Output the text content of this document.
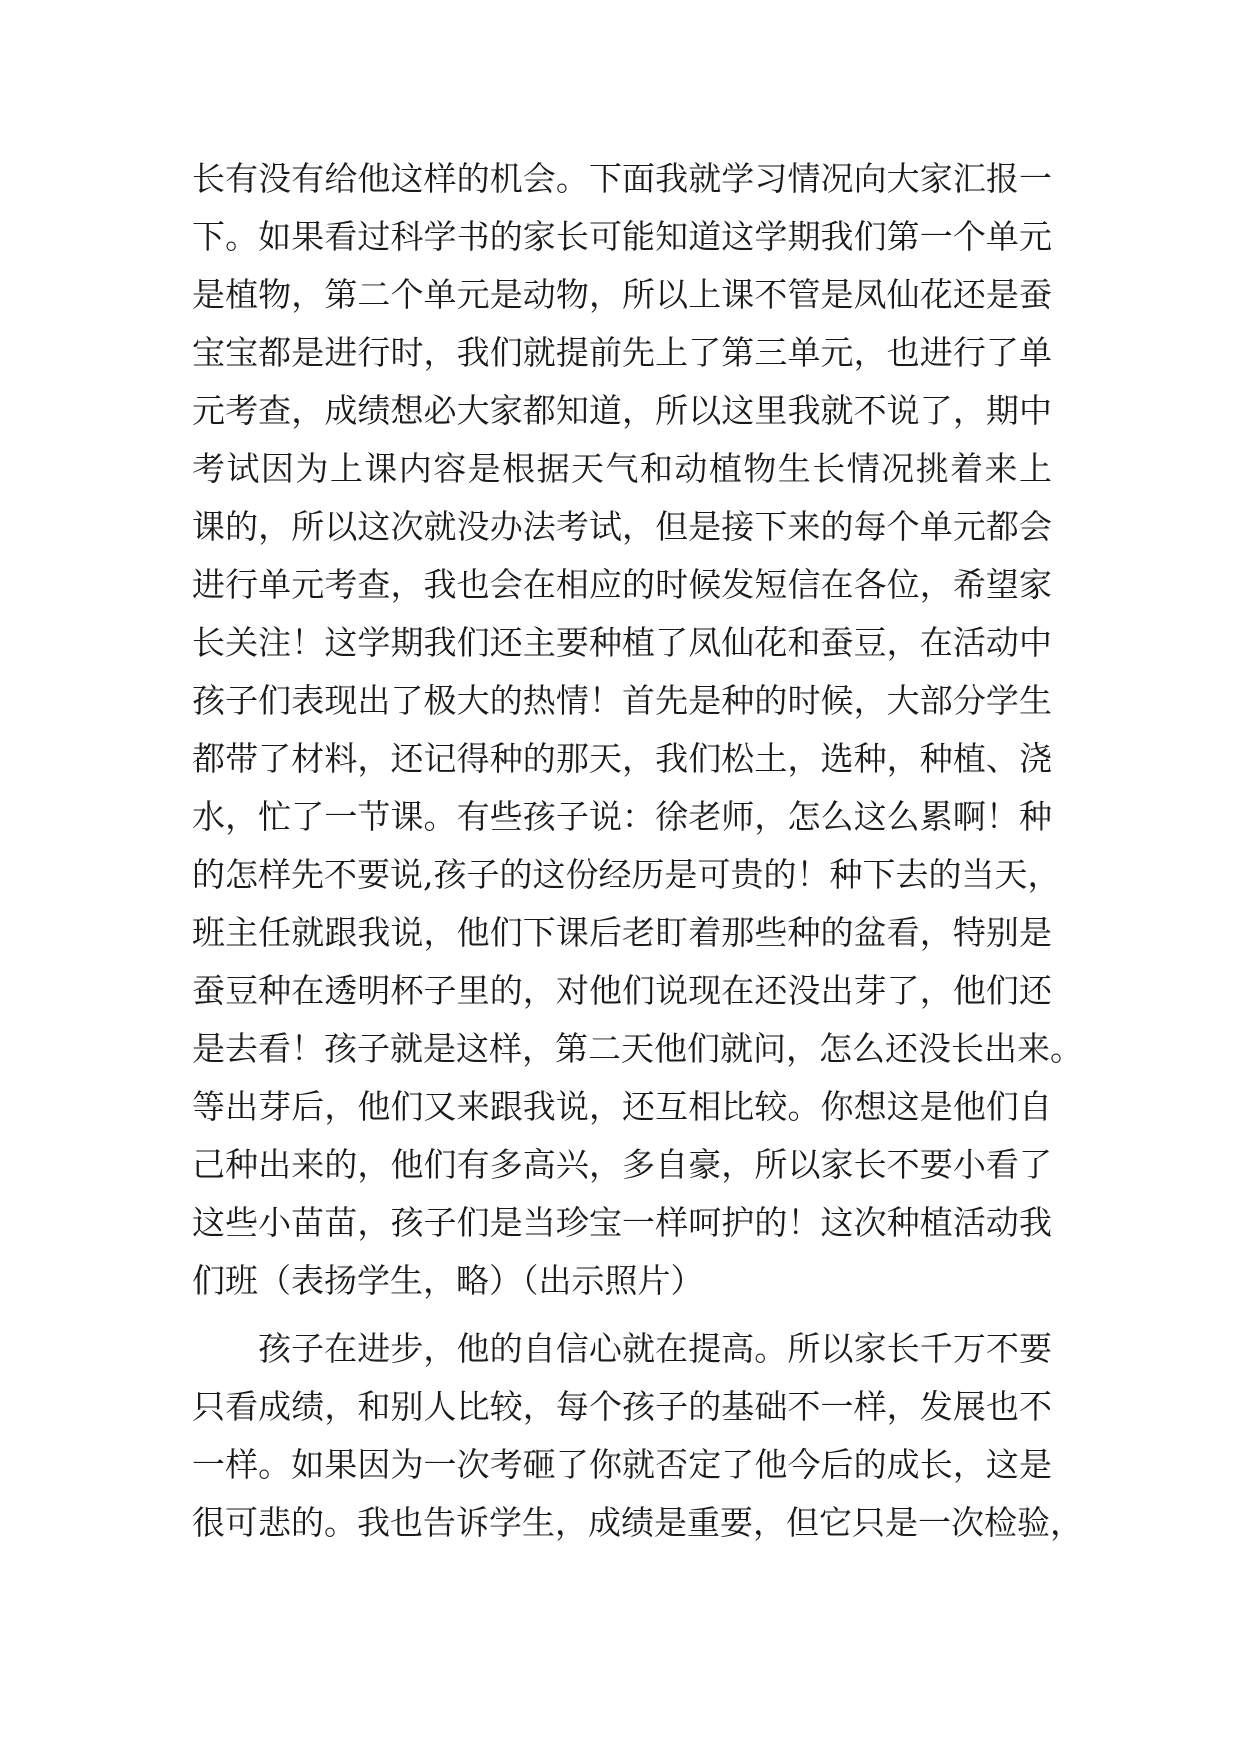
长有没有给他这样的机会。下面我就学习情况向大家汇报一
下。如果看过科学书的家长可能知道这学期我们第一个单元
是植物，第二个单元是动物，所以上课不管是凤仙花还是蚕
宝宝都是进行时，我们就提前先上了第三单元，也进行了单
元考查，成绩想必大家都知道，所以这里我就不说了，期中
考试因为上课内容是根据天气和动植物生长情况挑着来上
课的，所以这次就没办法考试，但是接下来的每个单元都会
进行单元考查，我也会在相应的时候发短信在各位，希望家
长关注！这学期我们还主要种植了凤仙花和蚕豆，在活动中
孩子们表现出了极大的热情！首先是种的时候，大部分学生
都带了材料，还记得种的那天，我们松土，选种，种植、浇
水，忙了一节课。有些孩子说：徐老师，怎么这么累啊！种
的怎样先不要说,孩子的这份经历是可贵的！种下去的当天，
班主任就跟我说，他们下课后老盯着那些种的盆看，特别是
蚕豆种在透明杯子里的，对他们说现在还没出芽了，他们还
是去看！孩子就是这样，第二天他们就问，怎么还没长出来。
等出芽后，他们又来跟我说，还互相比较。你想这是他们自
己种出来的，他们有多高兴，多自豪，所以家长不要小看了
这些小苗苗，孩子们是当珍宝一样呵护的！这次种植活动我
们班（表扬学生，略）（出示照片）
孩子在进步，他的自信心就在提高。所以家长千万不要
只看成绩，和别人比较，每个孩子的基础不一样，发展也不
一样。如果因为一次考砸了你就否定了他今后的成长，这是
很可悲的。我也告诉学生，成绩是重要，但它只是一次检验，
